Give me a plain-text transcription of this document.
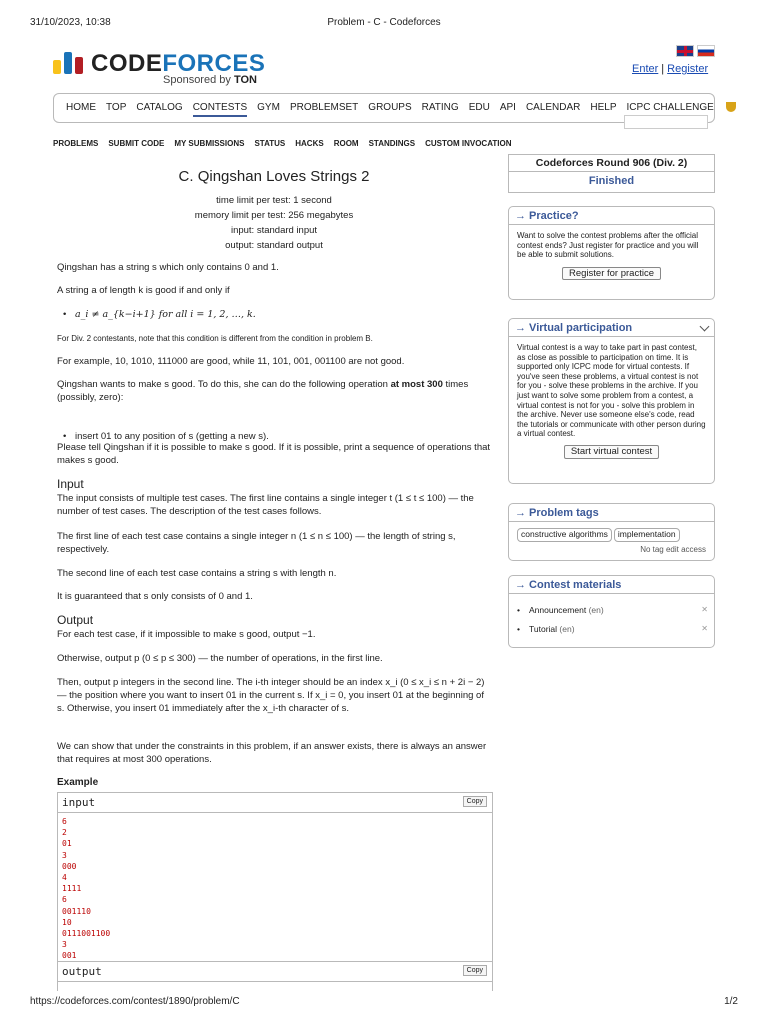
31/10/2023, 10:38	Problem - C - Codeforces
CODEFORCES
Sponsored by TON
Enter | Register
HOME TOP CATALOG CONTESTS GYM PROBLEMSET GROUPS RATING EDU API CALENDAR HELP ICPC CHALLENGE
PROBLEMS SUBMIT CODE MY SUBMISSIONS STATUS HACKS ROOM STANDINGS CUSTOM INVOCATION
C. Qingshan Loves Strings 2
time limit per test: 1 second
memory limit per test: 256 megabytes
input: standard input
output: standard output
Qingshan has a string s which only contains 0 and 1.
A string a of length k is good if and only if
• a_i ≠ a_{k−i+1} for all i = 1, 2, …, k.
For Div. 2 contestants, note that this condition is different from the condition in problem B.
For example, 10, 1010, 111000 are good, while 11, 101, 001, 001100 are not good.
Qingshan wants to make s good. To do this, she can do the following operation at most 300 times (possibly, zero):
• insert 01 to any position of s (getting a new s).
Please tell Qingshan if it is possible to make s good. If it is possible, print a sequence of operations that makes s good.
Input
The input consists of multiple test cases. The first line contains a single integer t (1 ≤ t ≤ 100) — the number of test cases. The description of the test cases follows.
The first line of each test case contains a single integer n (1 ≤ n ≤ 100) — the length of string s, respectively.
The second line of each test case contains a string s with length n.
It is guaranteed that s only consists of 0 and 1.
Output
For each test case, if it impossible to make s good, output −1.
Otherwise, output p (0 ≤ p ≤ 300) — the number of operations, in the first line.
Then, output p integers in the second line. The i-th integer should be an index x_i (0 ≤ x_i ≤ n + 2i − 2) — the position where you want to insert 01 in the current s. If x_i = 0, you insert 01 at the beginning of s. Otherwise, you insert 01 immediately after the x_i-th character of s.
We can show that under the constraints in this problem, if an answer exists, there is always an answer that requires at most 300 operations.
Example
input	Copy
6
2
01
3
000
4
1111
6
001110
10
0111001100
3
001
output	Copy
Codeforces Round 906 (Div. 2)
Finished
→ Practice?
Want to solve the contest problems after the official contest ends? Just register for practice and you will be able to submit solutions.
Register for practice
→ Virtual participation
Virtual contest is a way to take part in past contest, as close as possible to participation on time. It is supported only ICPC mode for virtual contests. If you've seen these problems, a virtual contest is not for you - solve these problems in the archive. If you just want to solve some problem from a contest, a virtual contest is not for you - solve this problem in the archive. Never use someone else's code, read the tutorials or communicate with other person during a virtual contest.
Start virtual contest
→ Problem tags
constructive algorithms implementation
No tag edit access
→ Contest materials
• Announcement (en)	✕
• Tutorial (en)	✕
https://codeforces.com/contest/1890/problem/C	1/2
